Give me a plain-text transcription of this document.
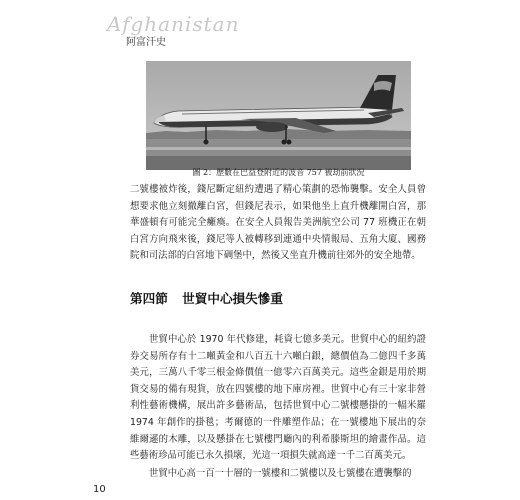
Afghanistan
阿富汗史
圖 2：歷數在巴益登附近的波音 757 被劫前狀況
二號樓被炸後，錢尼斷定紐約遭遇了精心策劃的恐怖襲擊。安全人員曾想要求他立刻撤離白宮，但錢尼表示，如果他坐上直升機離開白宮，那華盛頓有可能完全癱瘓。在安全人員報告美洲航空公司 77 班機正在朝白宮方向飛來後，錢尼等人被轉移到連通中央情報局、五角大廈、國務院和司法部的白宮地下碉堡中，然後又坐直升機前往郊外的安全地帶。
第四節 世貿中心損失慘重
世貿中心於 1970 年代修建，耗資七億多美元。世貿中心的紐約證券交易所存有十二噸黃金和八百五十六噸白銀，總價值為二億四千多萬美元，三萬八千零三根金條價值一億零六百萬美元。這些金銀是用於期貨交易的備有現貨，放在四號樓的地下庫房裡。世貿中心有三十家非營利性藝術機構，展出許多藝術品，包括世貿中心二號樓懸掛的一幅米羅 1974 年創作的掛毯；考爾德的一件雕塑作品；在一號樓地下展出的奈維爾遜的木雕，以及懸掛在七號樓門廳內的利希滕斯坦的繪畫作品。這些藝術珍品可能已永久損壞，光這一項損失就高達一千二百萬美元。
世貿中心高一百一十層的一號樓和二號樓以及七號樓在遭襲擊的
10
